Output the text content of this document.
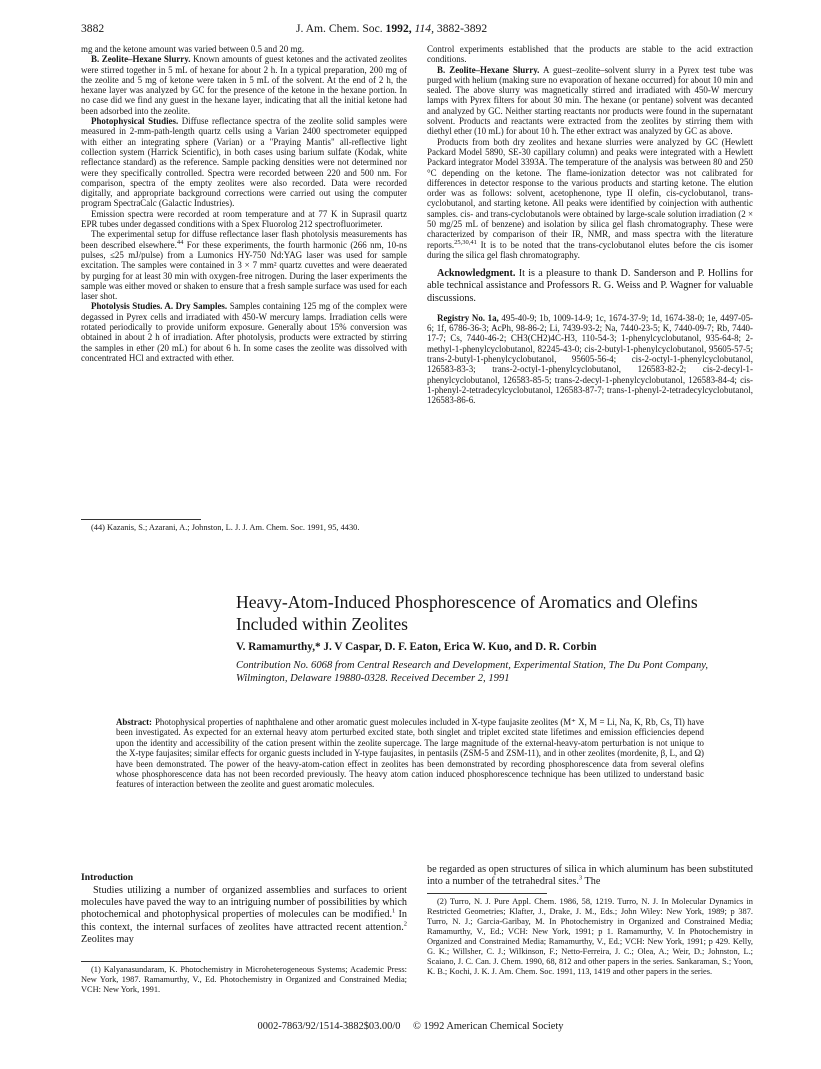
3882	J. Am. Chem. Soc. 1992, 114, 3882-3892

mg and the ketone amount was varied between 0.5 and 20 mg.

B. Zeolite–Hexane Slurry. Known amounts of guest ketones and the activated zeolites were stirred together in 5 mL of hexane for about 2 h. In a typical preparation, 200 mg of the zeolite and 5 mg of ketone were taken in 5 mL of the solvent. At the end of 2 h, the hexane layer was analyzed by GC for the presence of the ketone in the hexane portion. In no case did we find any guest in the hexane layer, indicating that all the initial ketone had been adsorbed into the zeolite.

Photophysical Studies. Diffuse reflectance spectra of the zeolite solid samples were measured in 2-mm-path-length quartz cells using a Varian 2400 spectrometer equipped with either an integrating sphere (Varian) or a "Praying Mantis" all-reflective light collection system (Harrick Scientific), in both cases using barium sulfate (Kodak, white reflectance standard) as the reference. Sample packing densities were not determined nor were they specifically controlled. Spectra were recorded between 220 and 500 nm. For comparison, spectra of the empty zeolites were also recorded. Data were recorded digitally, and appropriate background corrections were carried out using the computer program SpectraCalc (Galactic Industries).

Emission spectra were recorded at room temperature and at 77 K in Suprasil quartz EPR tubes under degassed conditions with a Spex Fluorolog 212 spectrofluorimeter.

The experimental setup for diffuse reflectance laser flash photolysis measurements has been described elsewhere.$^{44}$ For these experiments, the fourth harmonic (266 nm, 10-ns pulses, ≤25 mJ/pulse) from a Lumonics HY-750 Nd:YAG laser was used for sample excitation. The samples were contained in 3 × 7 mm² quartz cuvettes and were deaerated by purging for at least 30 min with oxygen-free nitrogen. During the laser experiments the sample was either moved or shaken to ensure that a fresh sample surface was used for each laser shot.

Photolysis Studies. A. Dry Samples. Samples containing 125 mg of the complex were degassed in Pyrex cells and irradiated with 450-W mercury lamps. Irradiation cells were rotated periodically to provide uniform exposure. Generally about 15% conversion was obtained in about 2 h of irradiation. After photolysis, products were extracted by stirring the samples in ether (20 mL) for about 6 h. In some cases the zeolite was dissolved with concentrated HCl and extracted with ether.

(44) Kazanis, S.; Azarani, A.; Johnston, L. J. J. Am. Chem. Soc. 1991, 95, 4430.

Control experiments established that the products are stable to the acid extraction conditions.

B. Zeolite–Hexane Slurry. A guest–zeolite–solvent slurry in a Pyrex test tube was purged with helium (making sure no evaporation of hexane occurred) for about 10 min and sealed. The above slurry was magnetically stirred and irradiated with 450-W mercury lamps with Pyrex filters for about 30 min. The hexane (or pentane) solvent was decanted and analyzed by GC. Neither starting reactants nor products were found in the supernatant solvent. Products and reactants were extracted from the zeolites by stirring them with diethyl ether (10 mL) for about 10 h. The ether extract was analyzed by GC as above.

Products from both dry zeolites and hexane slurries were analyzed by GC (Hewlett Packard Model 5890, SE-30 capillary column) and peaks were integrated with a Hewlett Packard integrator Model 3393A. The temperature of the analysis was between 80 and 250 °C depending on the ketone. The flame-ionization detector was not calibrated for differences in detector response to the various products and starting ketone. The elution order was as follows: solvent, acetophenone, type II olefin, cis-cyclobutanol, trans-cyclobutanol, and starting ketone. All peaks were identified by coinjection with authentic samples. cis- and trans-cyclobutanols were obtained by large-scale solution irradiation (2 × 50 mg/25 mL of benzene) and isolation by silica gel flash chromatography. These were characterized by comparison of their IR, NMR, and mass spectra with the literature reports.$^{25,30,41}$ It is to be noted that the trans-cyclobutanol elutes before the cis isomer during the silica gel flash chromatography.

Acknowledgment. It is a pleasure to thank D. Sanderson and P. Hollins for able technical assistance and Professors R. G. Weiss and P. Wagner for valuable discussions.

Registry No. 1a, 495-40-9; 1b, 1009-14-9; 1c, 1674-37-9; 1d, 1674-38-0; 1e, 4497-05-6; 1f, 6786-36-3; AcPh, 98-86-2; Li, 7439-93-2; Na, 7440-23-5; K, 7440-09-7; Rb, 7440-17-7; Cs, 7440-46-2; CH3(CH2)4C-H3, 110-54-3; 1-phenylcyclobutanol, 935-64-8; 2-methyl-1-phenylcyclobutanol, 82245-43-0; cis-2-butyl-1-phenylcyclobutanol, 95605-57-5; trans-2-butyl-1-phenylcyclobutanol, 95605-56-4; cis-2-octyl-1-phenylcyclobutanol, 126583-83-3; trans-2-octyl-1-phenylcyclobutanol, 126583-82-2; cis-2-decyl-1-phenylcyclobutanol, 126583-85-5; trans-2-decyl-1-phenylcyclobutanol, 126583-84-4; cis-1-phenyl-2-tetradecylcyclobutanol, 126583-87-7; trans-1-phenyl-2-tetradecylcyclobutanol, 126583-86-6.

Heavy-Atom-Induced Phosphorescence of Aromatics and Olefins Included within Zeolites
V. Ramamurthy,* J. V Caspar, D. F. Eaton, Erica W. Kuo, and D. R. Corbin
Contribution No. 6068 from Central Research and Development, Experimental Station, The Du Pont Company, Wilmington, Delaware 19880-0328. Received December 2, 1991
Abstract: Photophysical properties of naphthalene and other aromatic guest molecules included in X-type faujasite zeolites (M⁺ X, M = Li, Na, K, Rb, Cs, Tl) have been investigated. As expected for an external heavy atom perturbed excited state, both singlet and triplet excited state lifetimes and emission efficiencies depend upon the identity and accessibility of the cation present within the zeolite supercage. The large magnitude of the external-heavy-atom perturbation is not unique to the X-type faujasites; similar effects for organic guests included in Y-type faujasites, in pentasils (ZSM-5 and ZSM-11), and in other zeolites (mordenite, β, L, and Ω) have been demonstrated. The power of the heavy-atom-cation effect in zeolites has been demonstrated by recording phosphorescence data from several olefins whose phosphorescence data has not been recorded previously. The heavy atom cation induced phosphorescence technique has been utilized to understand basic features of interaction between the zeolite and guest aromatic molecules.
Introduction

Studies utilizing a number of organized assemblies and surfaces to orient molecules have paved the way to an intriguing number of possibilities by which photochemical and photophysical properties of molecules can be modified.$^1$ In this context, the internal surfaces of zeolites have attracted recent attention.$^2$ Zeolites may

(1) Kalyanasundaram, K. Photochemistry in Microheterogeneous Systems; Academic Press: New York, 1987. Ramamurthy, V., Ed. Photochemistry in Organized and Constrained Media; VCH: New York, 1991.

be regarded as open structures of silica in which aluminum has been substituted into a number of the tetrahedral sites.$^3$ The

(2) Turro, N. J. Pure Appl. Chem. 1986, 58, 1219. Turro, N. J. In Molecular Dynamics in Restricted Geometries; Klafter, J., Drake, J. M., Eds.; John Wiley: New York, 1989; p 387. Turro, N. J.; Garcia-Garibay, M. In Photochemistry in Organized and Constrained Media; Ramamurthy, V., Ed.; VCH: New York, 1991; p 1. Ramamurthy, V. In Photochemistry in Organized and Constrained Media; Ramamurthy, V., Ed.; VCH: New York, 1991; p 429. Kelly, G. K.; Willsher, C. J.; Wilkinson, F.; Netto-Ferreira, J. C.; Olea, A.; Weir, D.; Johnston, L.; Scaiano, J. C. Can. J. Chem. 1990, 68, 812 and other papers in the series. Sankaraman, S.; Yoon, K. B.; Kochi, J. K. J. Am. Chem. Soc. 1991, 113, 1419 and other papers in the series.

0002-7863/92/1514-3882$03.00/0 © 1992 American Chemical Society
